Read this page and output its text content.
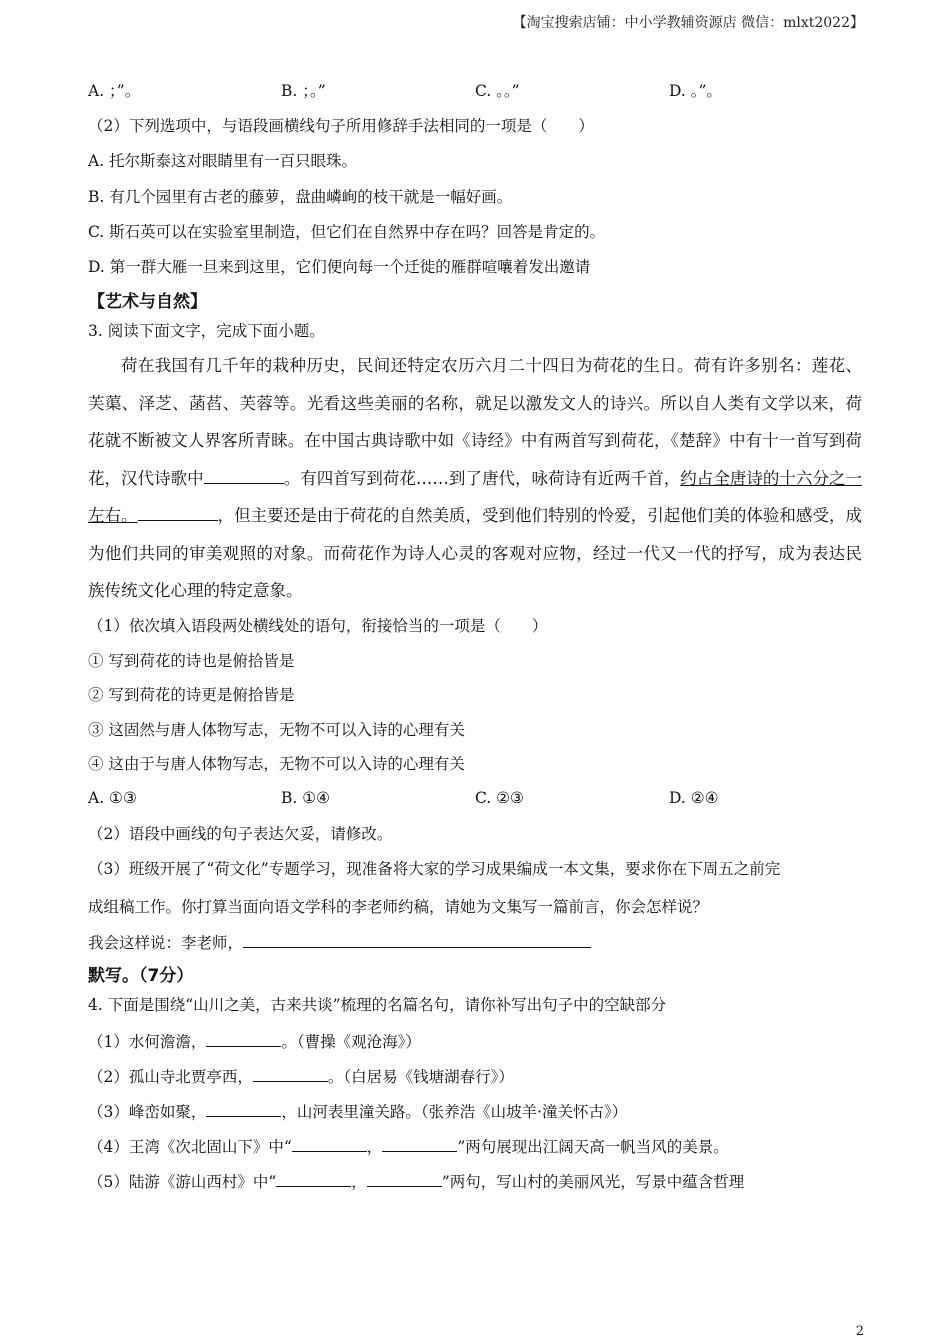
【淘宝搜索店铺：中小学教辅资源店 微信：mlxt2022】
A. ；”。	B. ；。”	C. 。。”	D. 。”。
（2）下列选项中，与语段画横线句子所用修辞手法相同的一项是（　　）
A. 托尔斯泰这对眼睛里有一百只眼珠。
B. 有几个园里有古老的藤萝，盘曲嶙峋的枝干就是一幅好画。
C. 斯石英可以在实验室里制造，但它们在自然界中存在吗？回答是肯定的。
D. 第一群大雁一旦来到这里，它们便向每一个迁徙的雁群喧嚷着发出邀请
【艺术与自然】
3. 阅读下面文字，完成下面小题。
荷在我国有几千年的栽种历史，民间还特定农历六月二十四日为荷花的生日。荷有许多别名：莲花、芙蕖、泽芝、菡萏、芙蓉等。光看这些美丽的名称，就足以激发文人的诗兴。所以自人类有文学以来，荷花就不断被文人界客所青睐。在中国古典诗歌中如《诗经》中有两首写到荷花，《楚辞》中有十一首写到荷花，汉代诗歌中	。有四首写到荷花……到了唐代，咏荷诗有近两千首，约占全唐诗的十六分之一左右。	，但主要还是由于荷花的自然美质，受到他们特别的怜爱，引起他们美的体验和感受，成为他们共同的审美观照的对象。而荷花作为诗人心灵的客观对应物，经过一代又一代的抒写，成为表达民族传统文化心理的特定意象。
（1）依次填入语段两处横线处的语句，衔接恰当的一项是（　　）
① 写到荷花的诗也是俯拾皆是
② 写到荷花的诗更是俯拾皆是
③ 这固然与唐人体物写志，无物不可以入诗的心理有关
④ 这由于与唐人体物写志，无物不可以入诗的心理有关
A. ①③	B. ①④	C. ②③	D. ②④
（2）语段中画线的句子表达欠妥，请修改。
（3）班级开展了“荷文化”专题学习，现准备将大家的学习成果编成一本文集，要求你在下周五之前完
成组稿工作。你打算当面向语文学科的李老师约稿，请她为文集写一篇前言，你会怎样说？
我会这样说：李老师，
默写。（7分）
4. 下面是围绕“山川之美，古来共谈”梳理的名篇名句，请你补写出句子中的空缺部分
（1）水何澹澹，	。（曹操《观沧海》）
（2）孤山寺北贾亭西，	。（白居易《钱塘湖春行》）
（3）峰峦如聚，	，山河表里潼关路。（张养浩《山坡羊·潼关怀古》）
（4）王湾《次北固山下》中“	，	”两句展现出江阔天高一帆当风的美景。
（5）陆游《游山西村》中“	，	”两句，写山村的美丽风光，写景中蕴含哲理
2
